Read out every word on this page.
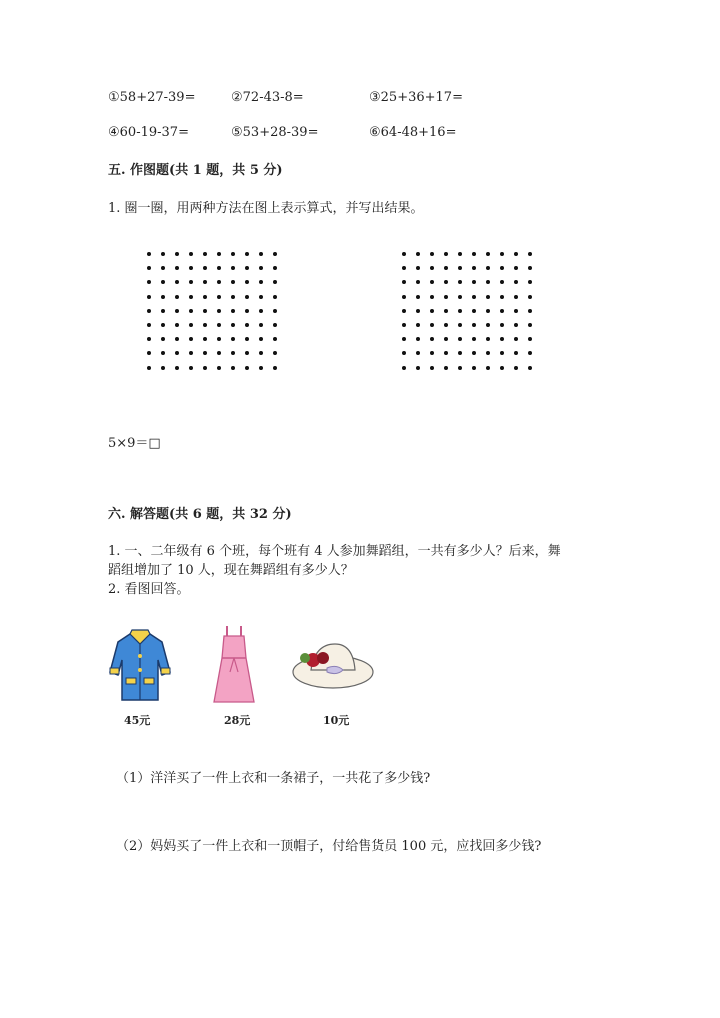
①58+27-39=	②72-43-8=	③25+36+17=
④60-19-37=	⑤53+28-39=	⑥64-48+16=
五. 作图题(共 1 题，共 5 分)
1. 圈一圈，用两种方法在图上表示算式，并写出结果。
5×9＝□
六. 解答题(共 6 题，共 32 分)
1. 一、二年级有 6 个班，每个班有 4 人参加舞蹈组，一共有多少人？后来，舞
蹈组增加了 10 人，现在舞蹈组有多少人？
2. 看图回答。
45元	28元	10元
（1）洋洋买了一件上衣和一条裙子，一共花了多少钱?
（2）妈妈买了一件上衣和一顶帽子，付给售货员 100 元，应找回多少钱?
